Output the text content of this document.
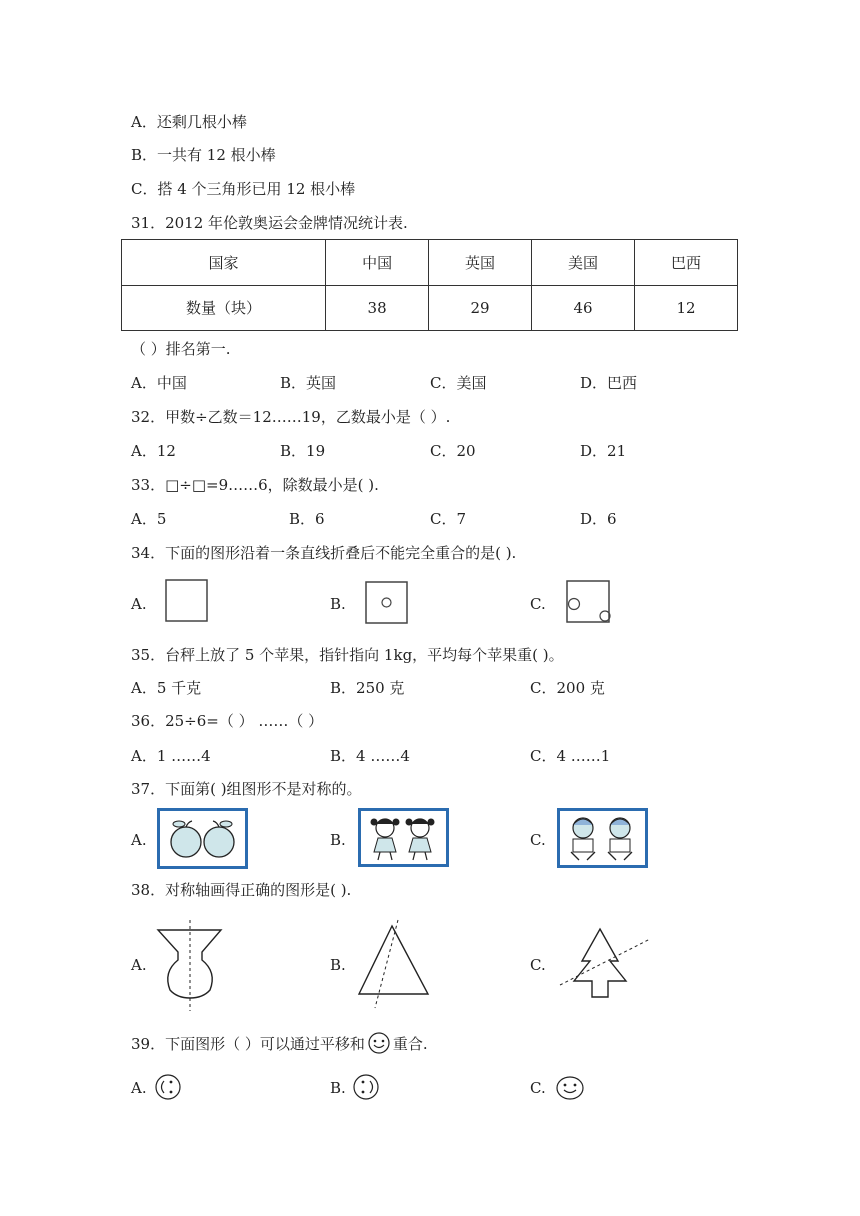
A．还剩几根小棒
B．一共有 12 根小棒
C．搭 4 个三角形已用 12 根小棒
31．2012 年伦敦奥运会金牌情况统计表.
国家	中国	英国	美国	巴西
数量（块）	38	29	46	12
（ ）排名第一.
A．中国	B．英国	C．美国	D．巴西
32．甲数÷乙数＝12……19，乙数最小是（ ）.
A．12	B．19	C．20	D．21
33．□÷□=9……6，除数最小是( ).
A．5	B．6	C．7	D．6
34．下面的图形沿着一条直线折叠后不能完全重合的是( ).
A.	B.	C.
35．台秤上放了 5 个苹果，指针指向 1kg，平均每个苹果重( )。
A．5 千克	B．250 克	C．200 克
36．25÷6=（ ） ……（ ）
A．1 ……4	B．4 ……4	C．4 ……1
37．下面第( )组图形不是对称的。
A.	B.	C.
38．对称轴画得正确的图形是( ).
A.	B.	C.
39．下面图形（ ）可以通过平移和 重合.
A.	B.	C.
